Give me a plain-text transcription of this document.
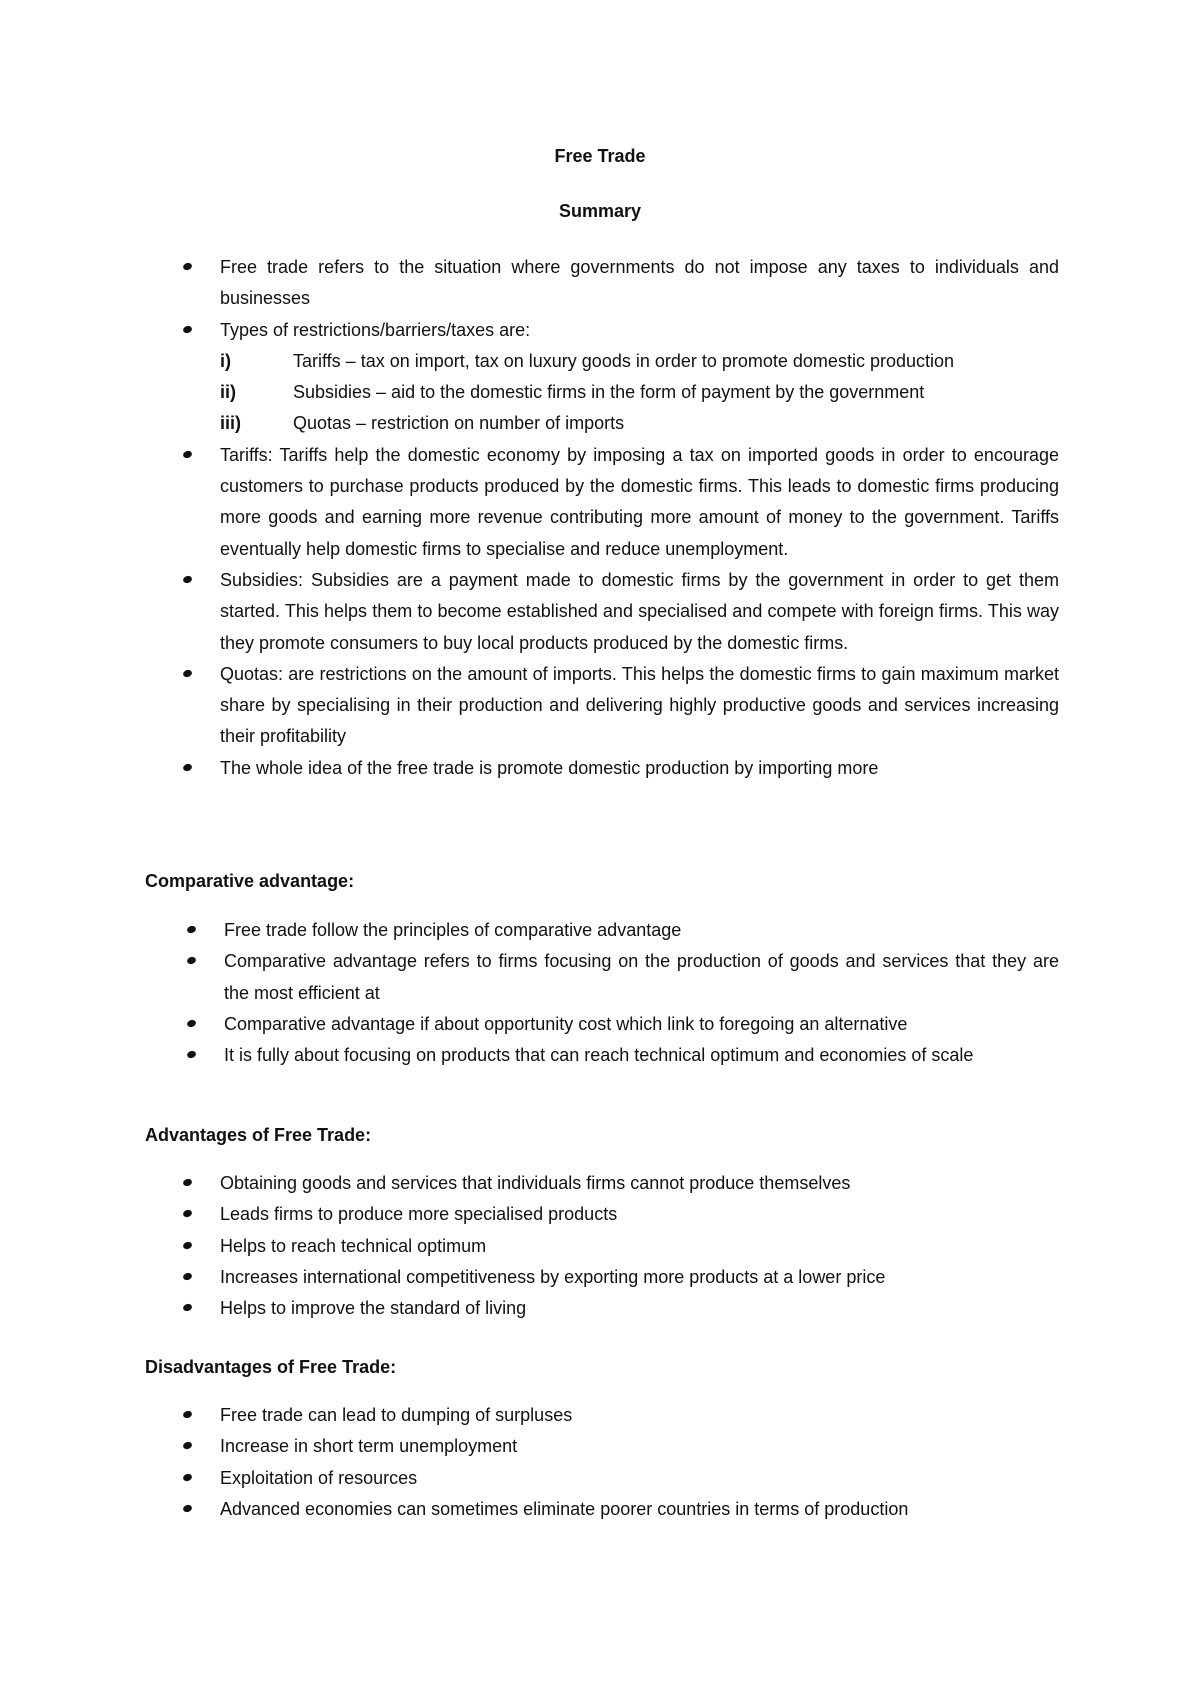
Free Trade
Summary
Free trade refers to the situation where governments do not impose any taxes to individuals and businesses
Types of restrictions/barriers/taxes are:
i)	Tariffs – tax on import, tax on luxury goods in order to promote domestic production
ii)	Subsidies – aid to the domestic firms in the form of payment by the government
iii)	Quotas – restriction on number of imports
Tariffs: Tariffs help the domestic economy by imposing a tax on imported goods in order to encourage customers to purchase products produced by the domestic firms. This leads to domestic firms producing more goods and earning more revenue contributing more amount of money to the government. Tariffs eventually help domestic firms to specialise and reduce unemployment.
Subsidies: Subsidies are a payment made to domestic firms by the government in order to get them started. This helps them to become established and specialised and compete with foreign firms. This way they promote consumers to buy local products produced by the domestic firms.
Quotas: are restrictions on the amount of imports. This helps the domestic firms to gain maximum market share by specialising in their production and delivering highly productive goods and services increasing their profitability
The whole idea of the free trade is promote domestic production by importing more
Comparative advantage:
Free trade follow the principles of comparative advantage
Comparative advantage refers to firms focusing on the production of goods and services that they are the most efficient at
Comparative advantage if about opportunity cost which link to foregoing an alternative
It is fully about focusing on products that can reach technical optimum and economies of scale
Advantages of Free Trade:
Obtaining goods and services that individuals firms cannot produce themselves
Leads firms to produce more specialised products
Helps to reach technical optimum
Increases international competitiveness by exporting more products at a lower price
Helps to improve the standard of living
Disadvantages of Free Trade:
Free trade can lead to dumping of surpluses
Increase in short term unemployment
Exploitation of resources
Advanced economies can sometimes eliminate poorer countries in terms of production
